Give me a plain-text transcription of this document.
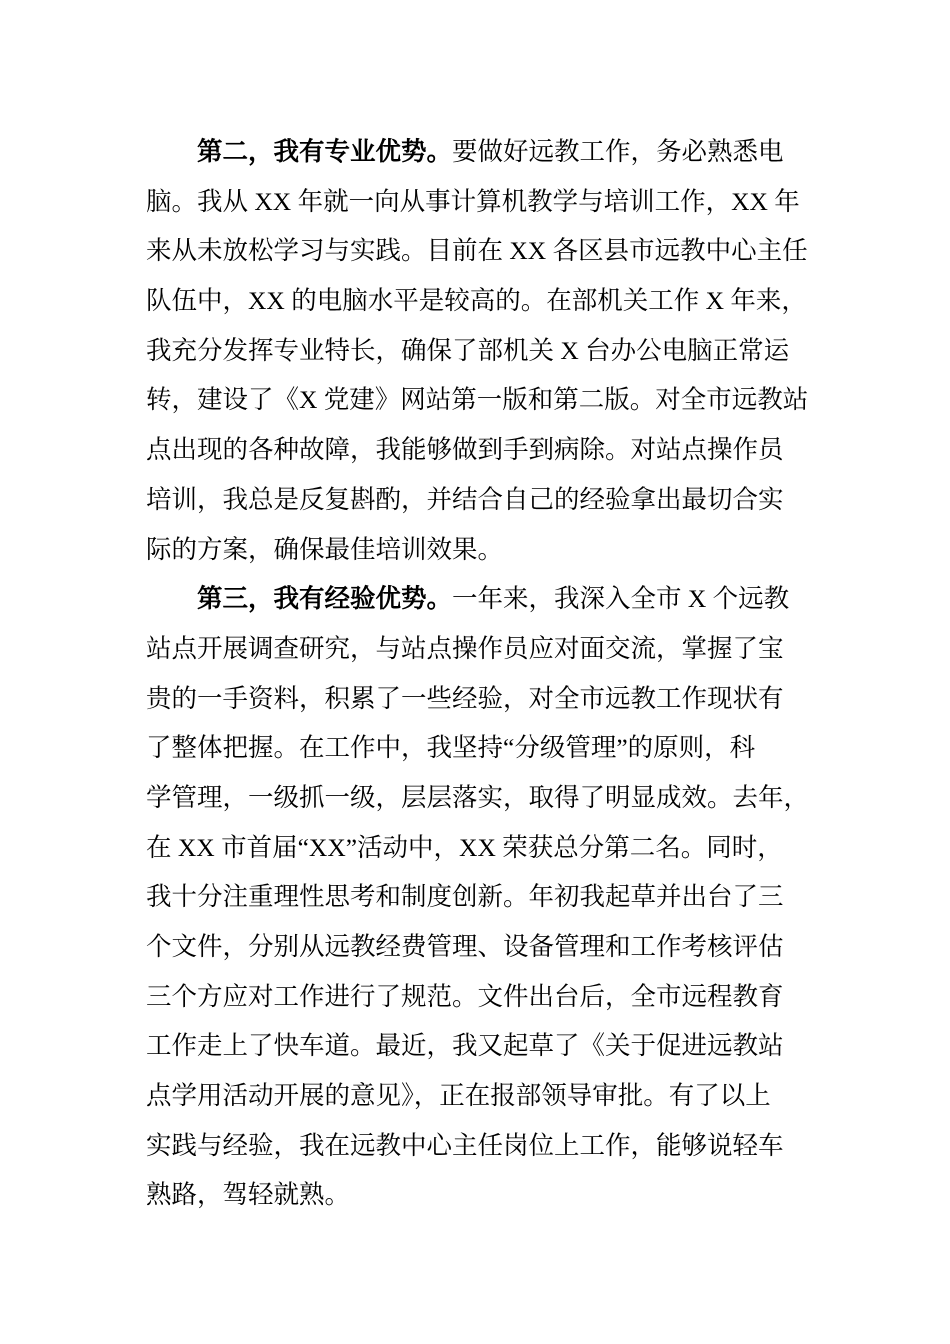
第二，我有专业优势。要做好远教工作，务必熟悉电
脑。我从 XX 年就一向从事计算机教学与培训工作，XX 年
来从未放松学习与实践。目前在 XX 各区县市远教中心主任
队伍中，XX 的电脑水平是较高的。在部机关工作 X 年来，
我充分发挥专业特长，确保了部机关 X 台办公电脑正常运
转，建设了《X 党建》网站第一版和第二版。对全市远教站
点出现的各种故障，我能够做到手到病除。对站点操作员
培训，我总是反复斟酌，并结合自己的经验拿出最切合实
际的方案，确保最佳培训效果。
第三，我有经验优势。一年来，我深入全市 X 个远教
站点开展调查研究，与站点操作员应对面交流，掌握了宝
贵的一手资料，积累了一些经验，对全市远教工作现状有
了整体把握。在工作中，我坚持“分级管理”的原则，科
学管理，一级抓一级，层层落实，取得了明显成效。去年，
在 XX 市首届“XX”活动中，XX 荣获总分第二名。同时，
我十分注重理性思考和制度创新。年初我起草并出台了三
个文件，分别从远教经费管理、设备管理和工作考核评估
三个方应对工作进行了规范。文件出台后，全市远程教育
工作走上了快车道。最近，我又起草了《关于促进远教站
点学用活动开展的意见》，正在报部领导审批。有了以上
实践与经验，我在远教中心主任岗位上工作，能够说轻车
熟路，驾轻就熟。
